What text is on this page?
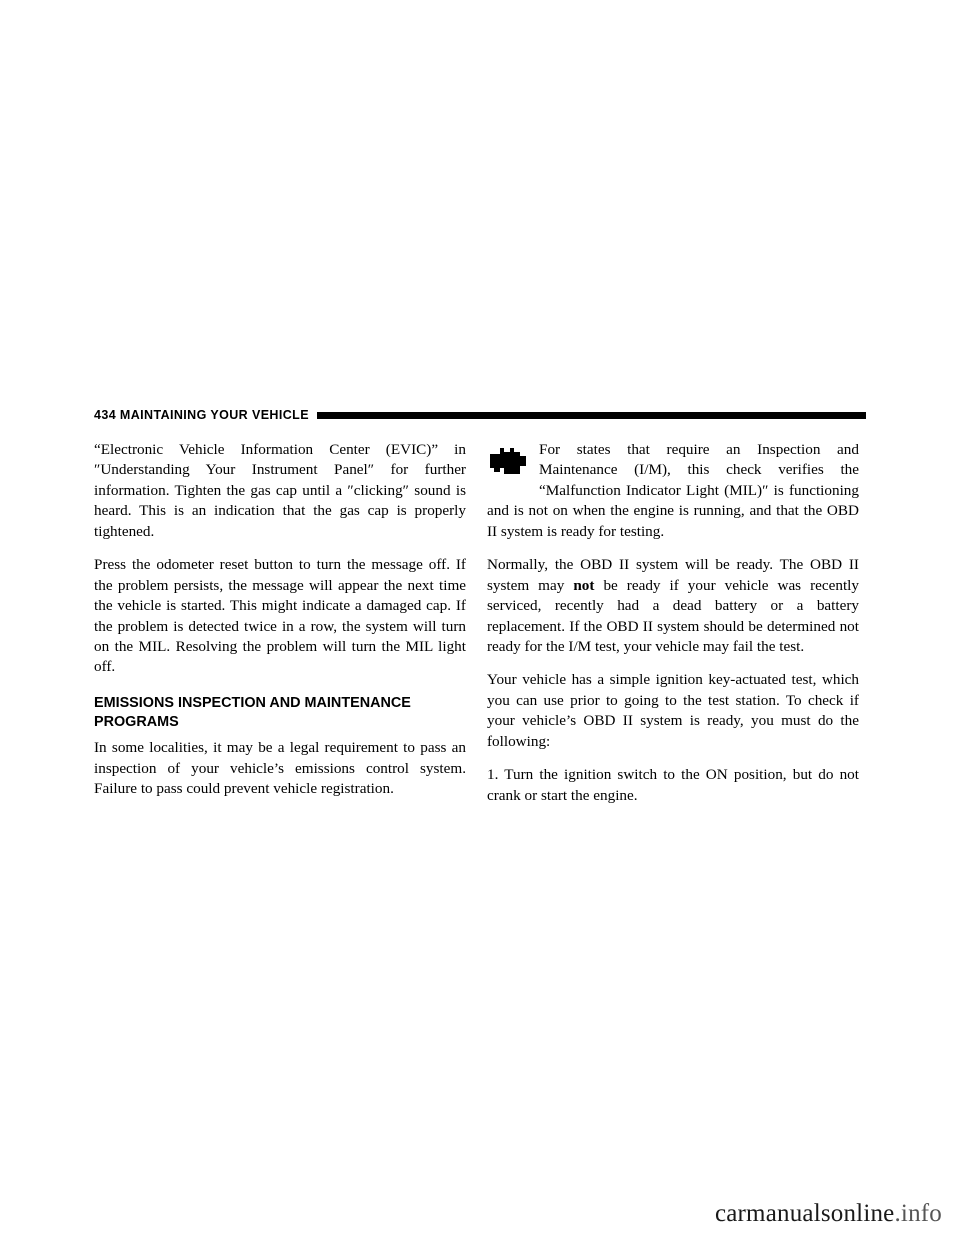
434 MAINTAINING YOUR VEHICLE

“Electronic Vehicle Information Center (EVIC)” in ″Understanding Your Instrument Panel″ for further information. Tighten the gas cap until a ″clicking″ sound is heard. This is an indication that the gas cap is properly tightened.

Press the odometer reset button to turn the message off. If the problem persists, the message will appear the next time the vehicle is started. This might indicate a damaged cap. If the problem is detected twice in a row, the system will turn on the MIL. Resolving the problem will turn the MIL light off.

EMISSIONS INSPECTION AND MAINTENANCE PROGRAMS

In some localities, it may be a legal requirement to pass an inspection of your vehicle’s emissions control system. Failure to pass could prevent vehicle registration.

For states that require an Inspection and Maintenance (I/M), this check verifies the “Malfunction Indicator Light (MIL)″ is functioning and is not on when the engine is running, and that the OBD II system is ready for testing.

Normally, the OBD II system will be ready. The OBD II system may not be ready if your vehicle was recently serviced, recently had a dead battery or a battery replacement. If the OBD II system should be determined not ready for the I/M test, your vehicle may fail the test.

Your vehicle has a simple ignition key-actuated test, which you can use prior to going to the test station. To check if your vehicle’s OBD II system is ready, you must do the following:

1. Turn the ignition switch to the ON position, but do not crank or start the engine.

carmanualsonline.info
